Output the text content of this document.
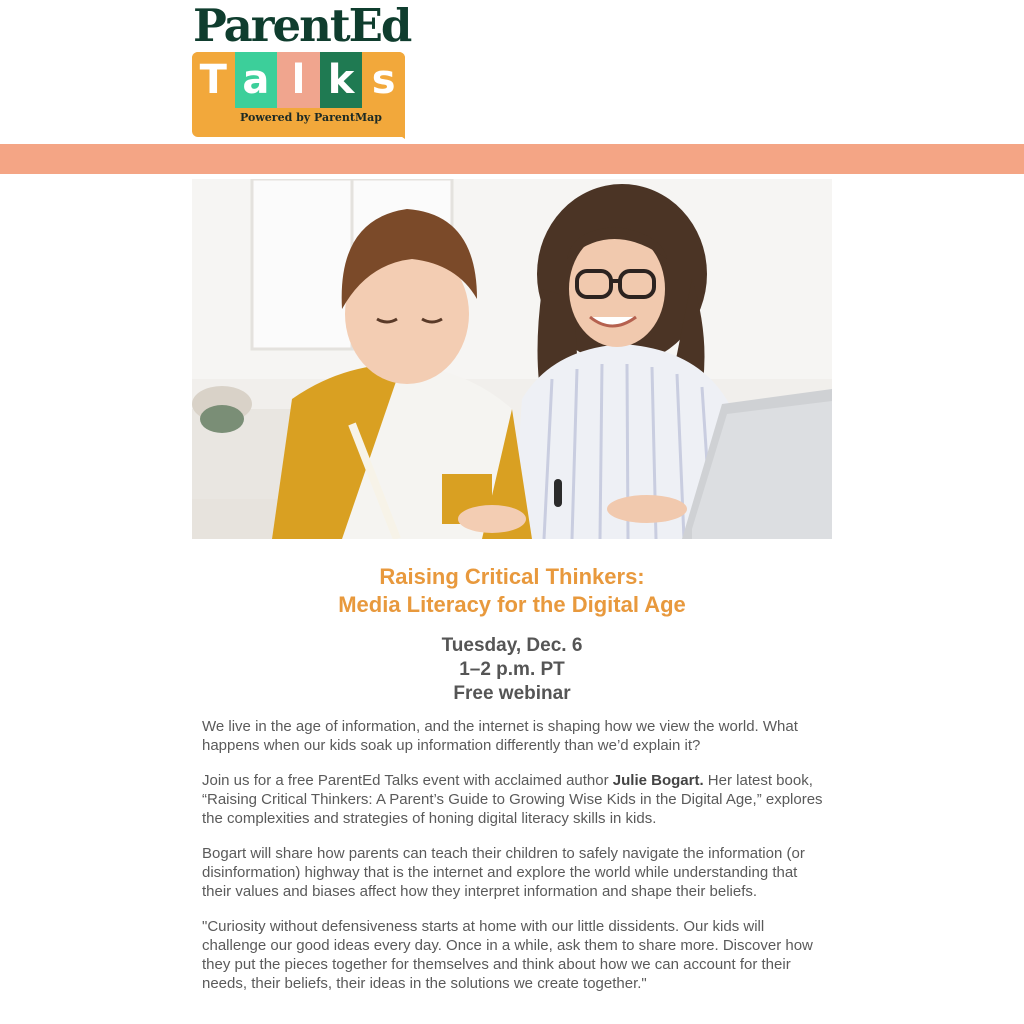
ParentEd
T a l k s
Powered by ParentMap
Raising Critical Thinkers:
Media Literacy for the Digital Age
Tuesday, Dec. 6
1–2 p.m. PT
Free webinar

We live in the age of information, and the internet is shaping how we view the world. What happens when our kids soak up information differently than we’d explain it?

Join us for a free ParentEd Talks event with acclaimed author Julie Bogart. Her latest book, “Raising Critical Thinkers: A Parent’s Guide to Growing Wise Kids in the Digital Age,” explores the complexities and strategies of honing digital literacy skills in kids.

Bogart will share how parents can teach their children to safely navigate the information (or disinformation) highway that is the internet and explore the world while understanding that their values and biases affect how they interpret information and shape their beliefs.

"Curiosity without defensiveness starts at home with our little dissidents. Our kids will challenge our good ideas every day. Once in a while, ask them to share more. Discover how they put the pieces together for themselves and think about how we can account for their needs, their beliefs, their ideas in the solutions we create together."
